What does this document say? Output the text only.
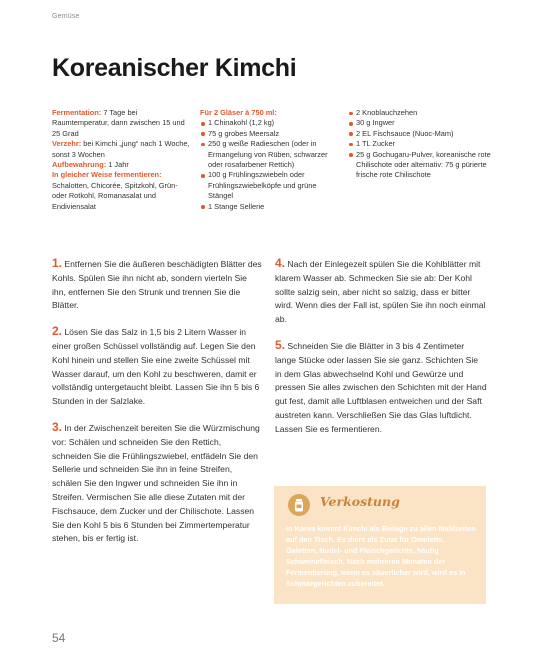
Gemüse
Koreanischer Kimchi
Fermentation: 7 Tage bei Raumtemperatur, dann zwischen 15 und 25 Grad
Verzehr: bei Kimchi „jung“ nach 1 Woche, sonst 3 Wochen
Aufbewahrung: 1 Jahr
In gleicher Weise fermentieren: Schalotten, Chicorée, Spitzkohl, Grün- oder Rotkohl, Romanasalat und Endiviensalat
Für 2 Gläser à 750 ml:
1 Chinakohl (1,2 kg)
75 g grobes Meersalz
250 g weiße Radieschen (oder in Ermangelung von Rüben, schwarzer oder rosafarbener Rettich)
100 g Frühlingszwiebeln oder Frühlingszwiebelköpfe und grüne Stängel
1 Stange Sellerie
2 Knoblauchzehen
30 g Ingwer
2 EL Fischsauce (Nuoc-Mam)
1 TL Zucker
25 g Gochugaru-Pulver, koreanische rote Chilischote oder alternativ: 75 g pürierte frische rote Chilischote

1. Entfernen Sie die äußeren beschädigten Blätter des Kohls. Spülen Sie ihn nicht ab, sondern vierteln Sie ihn, entfernen Sie den Strunk und trennen Sie die Blätter.

2. Lösen Sie das Salz in 1,5 bis 2 Litern Wasser in einer großen Schüssel vollständig auf. Legen Sie den Kohl hinein und stellen Sie eine zweite Schüssel mit Wasser darauf, um den Kohl zu beschweren, damit er vollständig untergetaucht bleibt. Lassen Sie ihn 5 bis 6 Stunden in der Salzlake.

3. In der Zwischenzeit bereiten Sie die Würzmischung vor: Schälen und schneiden Sie den Rettich, schneiden Sie die Frühlingszwiebel, entfädeln Sie den Sellerie und schneiden Sie ihn in feine Streifen, schälen Sie den Ingwer und schneiden Sie ihn in Streifen. Vermischen Sie alle diese Zutaten mit der Fischsauce, dem Zucker und der Chilischote. Lassen Sie den Kohl 5 bis 6 Stunden bei Zimmertemperatur stehen, bis er fertig ist.

4. Nach der Einlegezeit spülen Sie die Kohlblätter mit klarem Wasser ab. Schmecken Sie sie ab: Der Kohl sollte salzig sein, aber nicht so salzig, dass er bitter wird. Wenn dies der Fall ist, spülen Sie ihn noch einmal ab.

5. Schneiden Sie die Blätter in 3 bis 4 Zentimeter lange Stücke oder lassen Sie sie ganz. Schichten Sie in dem Glas abwechselnd Kohl und Gewürze und pressen Sie alles zwischen den Schichten mit der Hand gut fest, damit alle Luftblasen entweichen und der Saft austreten kann. Verschließen Sie das Glas luftdicht. Lassen Sie es fermentieren.

Verkostung
In Korea kommt Kimchi als Beilage zu allen Mahlzeiten auf den Tisch. Es dient als Zutat für Omeletts, Galetten, Nudel- und Fleischgerichte, häufig Schweinefleisch. Nach mehreren Monaten der Fermentierung, wenn es säuerlicher wird, wird es in Schmorgerichten zubereitet.
54
